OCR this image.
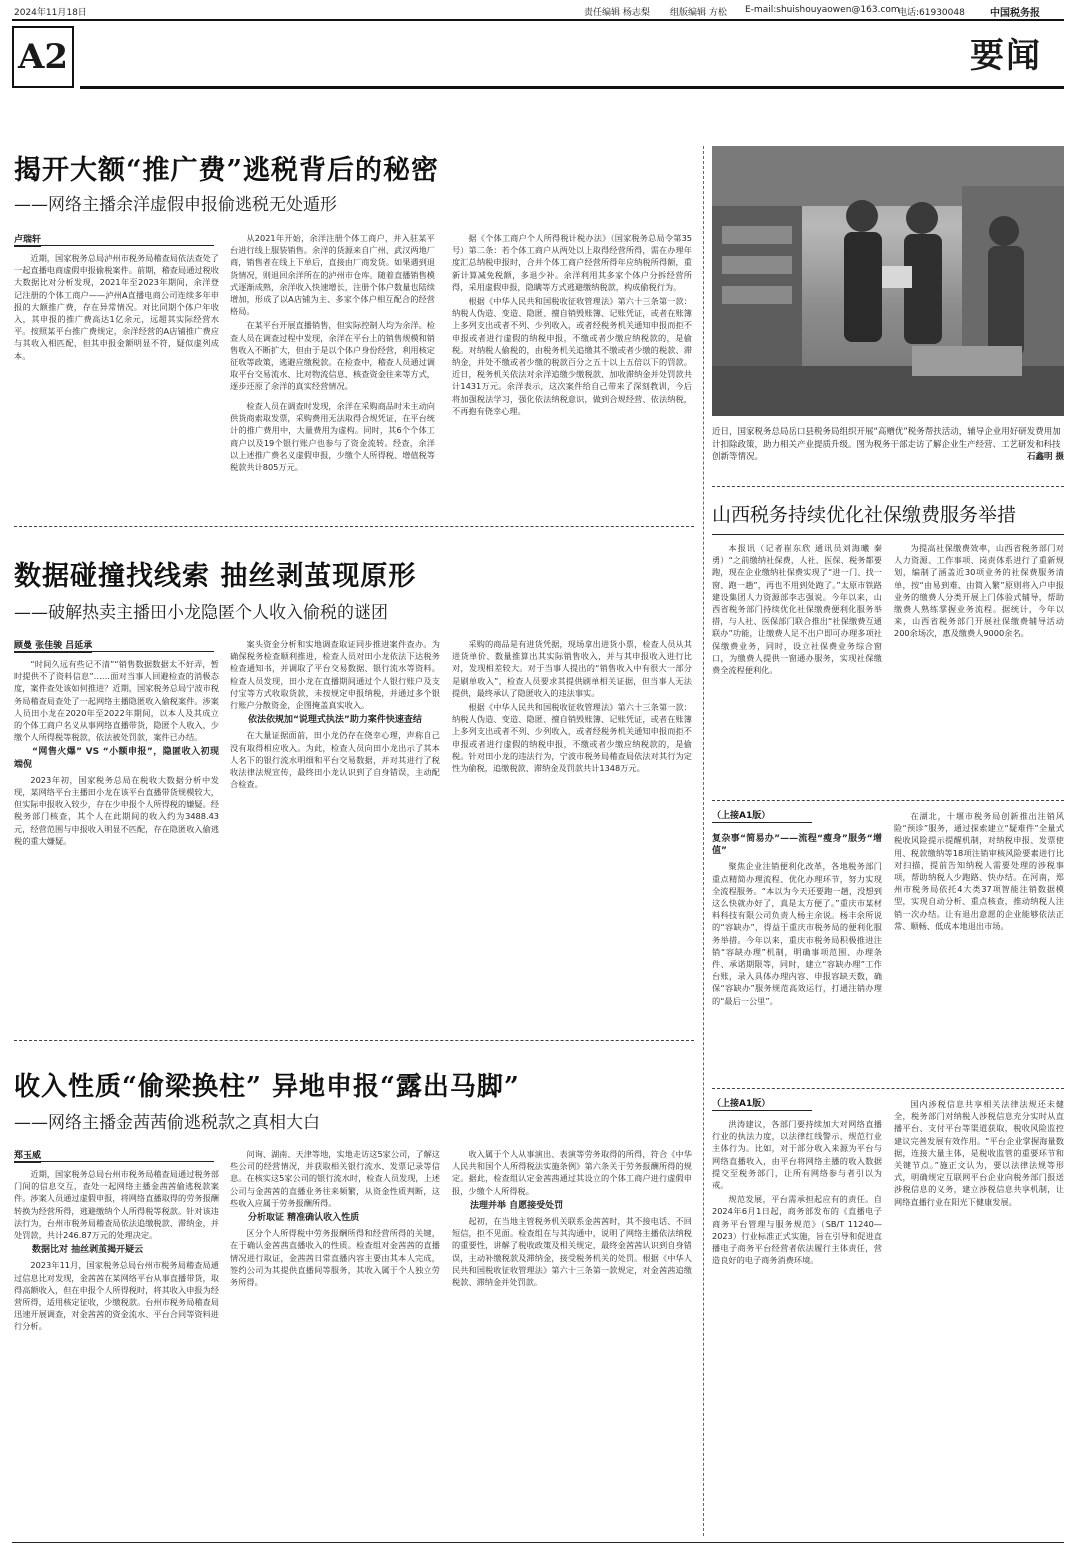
2024年11月18日	责任编辑 杨志梨 组版编辑 方松 E-mail:shuishouyaowen@163.com
电话:61930048	中国税务报
A2	要闻
揭开大额“推广费”逃税背后的秘密
——网络主播余洋虚假申报偷逃税无处遁形
卢瑞轩

近期，国家税务总局泸州市税务局稽查局依法查处了一起直播电商虚假申报偷税案件。前期，稽查局通过税收大数据比对分析发现，2021年至2023年期间，余洋登记注册的个体工商户——泸州A直播电商公司连续多年申报的大额推广费，存在异常情况。对比同期个体户年收入，其申报的推广费高达1亿余元，远超其实际经营水平。按照某平台推广费规定，余洋经营的A店铺推广费应与其收入相匹配，但其申报金额明显不符，疑似虚列成本。

从2021年开始，余洋注册个体工商户，并入驻某平台进行线上服装销售。余洋的货源来自广州、武汉两地厂商，销售者在线上下单后，直接由厂商发货。如果遇到退货情况，则退回余洋所在的泸州市仓库。随着直播销售模式逐渐成熟，余洋收入快速增长，注册个体户数量也陆续增加，形成了以A店铺为主、多家个体户相互配合的经营格局。

在某平台开展直播销售，但实际控制人均为余洋。检查人员在调查过程中发现，余洋在平台上的销售规模和销售收入不断扩大，但由于是以个体户身份经营，利用核定征收等政策，逃避应缴税款。在检查中，稽查人员通过调取平台交易流水、比对物流信息、核查资金往来等方式，逐步还原了余洋的真实经营情况。

检查人员在调查时发现，余洋在采购商品时未主动向供货商索取发票，采购费用无法取得合规凭证，在平台统计的推广费用中，大量费用为虚构。同时，其6个个体工商户以及19个银行账户也参与了资金流转。经查，余洋以上述推广费名义虚假申报，少缴个人所得税、增值税等税款共计805万元。

据《个体工商户个人所得税计税办法》（国家税务总局令第35号）第二条：若个体工商户从两处以上取得经营所得，需在办理年度汇总纳税申报时，合并个体工商户经营所得年应纳税所得额，重新计算减免税额，多退少补。余洋利用其多家个体户分拆经营所得，采用虚假申报，隐瞒等方式逃避缴纳税款，构成偷税行为。

根据《中华人民共和国税收征收管理法》第六十三条第一款：纳税人伪造、变造、隐匿、擅自销毁账簿、记账凭证，或者在账簿上多列支出或者不列、少列收入，或者经税务机关通知申报而拒不申报或者进行虚假的纳税申报，不缴或者少缴应纳税款的，是偷税。对纳税人偷税的，由税务机关追缴其不缴或者少缴的税款、滞纳金，并处不缴或者少缴的税款百分之五十以上五倍以下的罚款。近日，税务机关依法对余洋追缴少缴税款、加收滞纳金并处罚款共计1431万元。余洋表示，这次案件给自己带来了深刻教训，今后将加强税法学习，强化依法纳税意识，做到合规经营、依法纳税，不再抱有侥幸心理。

近日，国家税务总局岳口县税务局组织开展“高赠优”税务帮扶活动，辅导企业用好研发费用加计扣除政策，助力相关产业提质升级。图为税务干部走访了解企业生产经营、工艺研发和科技创新等情况。	石鑫明 摄
山西税务持续优化社保缴费服务举措

本报讯（记者崔东欣 通讯员刘海曦 秦勇）“之前缴纳社保费，人社、医保、税务都要跑，现在企业缴纳社保费实现了“进一门、找一窗、跑一趟”，再也不用到处跑了。”太原市铁路建设集团人力资源部李志强说。今年以来，山西省税务部门持续优化社保缴费便利化服务举措，与人社、医保部门联合推出“社保缴费互通联办”功能，让缴费人足不出户即可办理多项社保缴费业务，同时，设立社保费业务综合窗口，为缴费人提供一窗通办服务，实现社保缴费全流程便利化。

为提高社保缴费效率，山西省税务部门对人力资源、工作事项、岗责体系进行了重新规划，编制了涵盖近30项业务的社保费服务清单，按“由易到难、由简入繁”原则将入户申报业务的缴费人分类开展上门体验式辅导，帮助缴费人熟练掌握业务流程。据统计，今年以来，山西省税务部门开展社保缴费辅导活动200余场次，惠及缴费人9000余名。

数据碰撞找线索 抽丝剥茧现原形
——破解热卖主播田小龙隐匿个人收入偷税的谜团
顾曼 张佳骏 吕延承

“时间久远有些记不清”“销售数据数据太不好弄，暂时提供不了资料信息”……面对当事人回避检查的消极态度，案件查处该如何推进？近期，国家税务总局宁波市税务局稽查局查处了一起网络主播隐匿收入偷税案件。涉案人员田小龙在2020年至2022年期间，以本人及其成立的个体工商户名义从事网络直播带货，隐匿个人收入，少缴个人所得税等税款，依法被处罚款，案件已办结。

“网售火爆” VS “小额申报”，隐匿收入初现端倪

2023年初，国家税务总局在税收大数据分析中发现，某网络平台主播田小龙在该平台直播带货规模较大，但实际申报收入较少，存在少申报个人所得税的嫌疑。经税务部门核查，其个人在此期间的收入约为3488.43元，经营范围与申报收入明显不匹配，存在隐匿收入偷逃税的重大嫌疑。

案头资金分析和实地调查取证同步推进案件查办。为确保税务检查顺利推进，检查人员对田小龙依法下达税务检查通知书，并调取了平台交易数据、银行流水等资料。检查人员发现，田小龙在直播期间通过个人银行账户及支付宝等方式收取货款，未按规定申报纳税，并通过多个银行账户分散资金，企图掩盖真实收入。

依法依规加“说理式执法”助力案件快速查结

在大量证据面前，田小龙仍存在侥幸心理，声称自己没有取得相应收入。为此，检查人员向田小龙出示了其本人名下的银行流水明细和平台交易数据，并对其进行了税收法律法规宣传，最终田小龙认识到了自身错误，主动配合检查。

采购的商品是有进货凭据，现场拿出进货小票，检查人员从其进货单价、数量推算出其实际销售收入，并与其申报收入进行比对，发现相差较大。对于当事人提出的“销售收入中有很大一部分是刷单收入”，检查人员要求其提供刷单相关证据，但当事人无法提供，最终承认了隐匿收入的违法事实。

根据《中华人民共和国税收征收管理法》第六十三条第一款：纳税人伪造、变造、隐匿、擅自销毁账簿、记账凭证，或者在账簿上多列支出或者不列、少列收入，或者经税务机关通知申报而拒不申报或者进行虚假的纳税申报，不缴或者少缴应纳税款的，是偷税。针对田小龙的违法行为，宁波市税务局稽查局依法对其行为定性为偷税，追缴税款、滞纳金及罚款共计1348万元。

（上接A1版）
复杂事“简易办”——流程“瘦身”服务“增值”

聚焦企业注销便利化改革，各地税务部门重点精简办理流程、优化办理环节，努力实现全流程服务。“本以为今天还要跑一趟，没想到这么快就办好了，真是太方便了。”重庆市某材料科技有限公司负责人杨主余说。杨丰余所说的“容缺办”，得益于重庆市税务局的便利化服务举措。今年以来，重庆市税务局积极推进注销“容缺办理”机制，明确事项范围、办理条件、承诺期限等，同时，建立“容缺办理”工作台账，录入具体办理内容、申报容缺天数，确保“容缺办”服务规范高效运行，打通注销办理的“最后一公里”。

在湖北，十堰市税务局创新推出注销风险“预诊”服务，通过探索建立“疑难件”全量式税收风险提示提醒机制，对纳税申报、发票使用、税款缴纳等18项注销审核风险要素进行比对扫描，提前告知纳税人需要处理的涉税事项，帮助纳税人少跑路、快办结。在河南，郑州市税务局依托4大类37项智能注销数据模型，实现自动分析、重点核查，推动纳税人注销一次办结。让有退出意愿的企业能够依法正常、顺畅、低成本地退出市场。

收入性质“偷梁换柱” 异地申报“露出马脚”
——网络主播金茜茜偷逃税款之真相大白
郑玉威

近期，国家税务总局台州市税务局稽查局通过税务部门间的信息交互，查处一起网络主播金茜茜偷逃税款案件。涉案人员通过虚假申报，将网络直播取得的劳务报酬转换为经营所得，逃避缴纳个人所得税等税款。针对该违法行为，台州市税务局稽查局依法追缴税款、滞纳金，并处罚款，共计246.87万元的处理决定。

数据比对 抽丝剥茧揭开疑云

2023年11月，国家税务总局台州市税务局稽查局通过信息比对发现，金茜茜在某网络平台从事直播带货，取得高额收入，但在申报个人所得税时，将其收入申报为经营所得，适用核定征收，少缴税款。台州市税务局稽查局迅速开展调查，对金茜茜的资金流水、平台合同等资料进行分析。

问询、湖南、天津等地，实地走访这5家公司，了解这些公司的经营情况，并获取相关银行流水、发票记录等信息。在核实这5家公司的银行流水时，检查人员发现，上述公司与金茜茜的直播业务往来频繁，从资金性质判断，这些收入应属于劳务报酬所得。

分析取证 精准确认收入性质

区分个人所得税中劳务报酬所得和经营所得的关键，在于确认金茜茜直播收入的性质。检查组对金茜茜的直播情况进行取证，金茜茜日常直播内容主要由其本人完成，签约公司为其提供直播间等服务，其收入属于个人独立劳务所得。

收入属于个人从事演出、表演等劳务取得的所得，符合《中华人民共和国个人所得税法实施条例》第六条关于劳务报酬所得的规定。据此，检查组认定金茜茜通过其设立的个体工商户进行虚假申报，少缴个人所得税。

法理并举 自愿接受处罚

起初，在当地主管税务机关联系金茜茜时，其不接电话、不回短信，拒不见面。检查组在与其沟通中，说明了网络主播依法纳税的重要性，讲解了税收政策及相关规定，最终金茜茜认识到自身错误，主动补缴税款及滞纳金，接受税务机关的处罚。根据《中华人民共和国税收征收管理法》第六十三条第一款规定，对金茜茜追缴税款、滞纳金并处罚款。

（上接A1版）

洪涛建议，各部门要持续加大对网络直播行业的执法力度，以法律红线警示、规范行业主体行为。比如，对于部分收入来源为平台与网络直播收入，由平台将网络主播的收入数据提交至税务部门，让所有网络参与者引以为戒。

规范发展，平台需承担起应有的责任。自2024年6月1日起，商务部发布的《直播电子商务平台管理与服务规范》（SB/T 11240—2023）行业标准正式实施，旨在引导和促进直播电子商务平台经营者依法履行主体责任，营造良好的电子商务消费环境。

国内涉税信息共享相关法律法规还未健全，税务部门对纳税人涉税信息充分实时从直播平台、支付平台等渠道获取，税收风险监控建议完善发展有效作用。“平台企业掌握海量数据，连接大量主体，是税收监管的重要环节和关键节点。”施正文认为，要以法律法规等形式，明确规定互联网平台企业向税务部门报送涉税信息的义务，建立涉税信息共享机制，让网络直播行业在阳光下健康发展。
